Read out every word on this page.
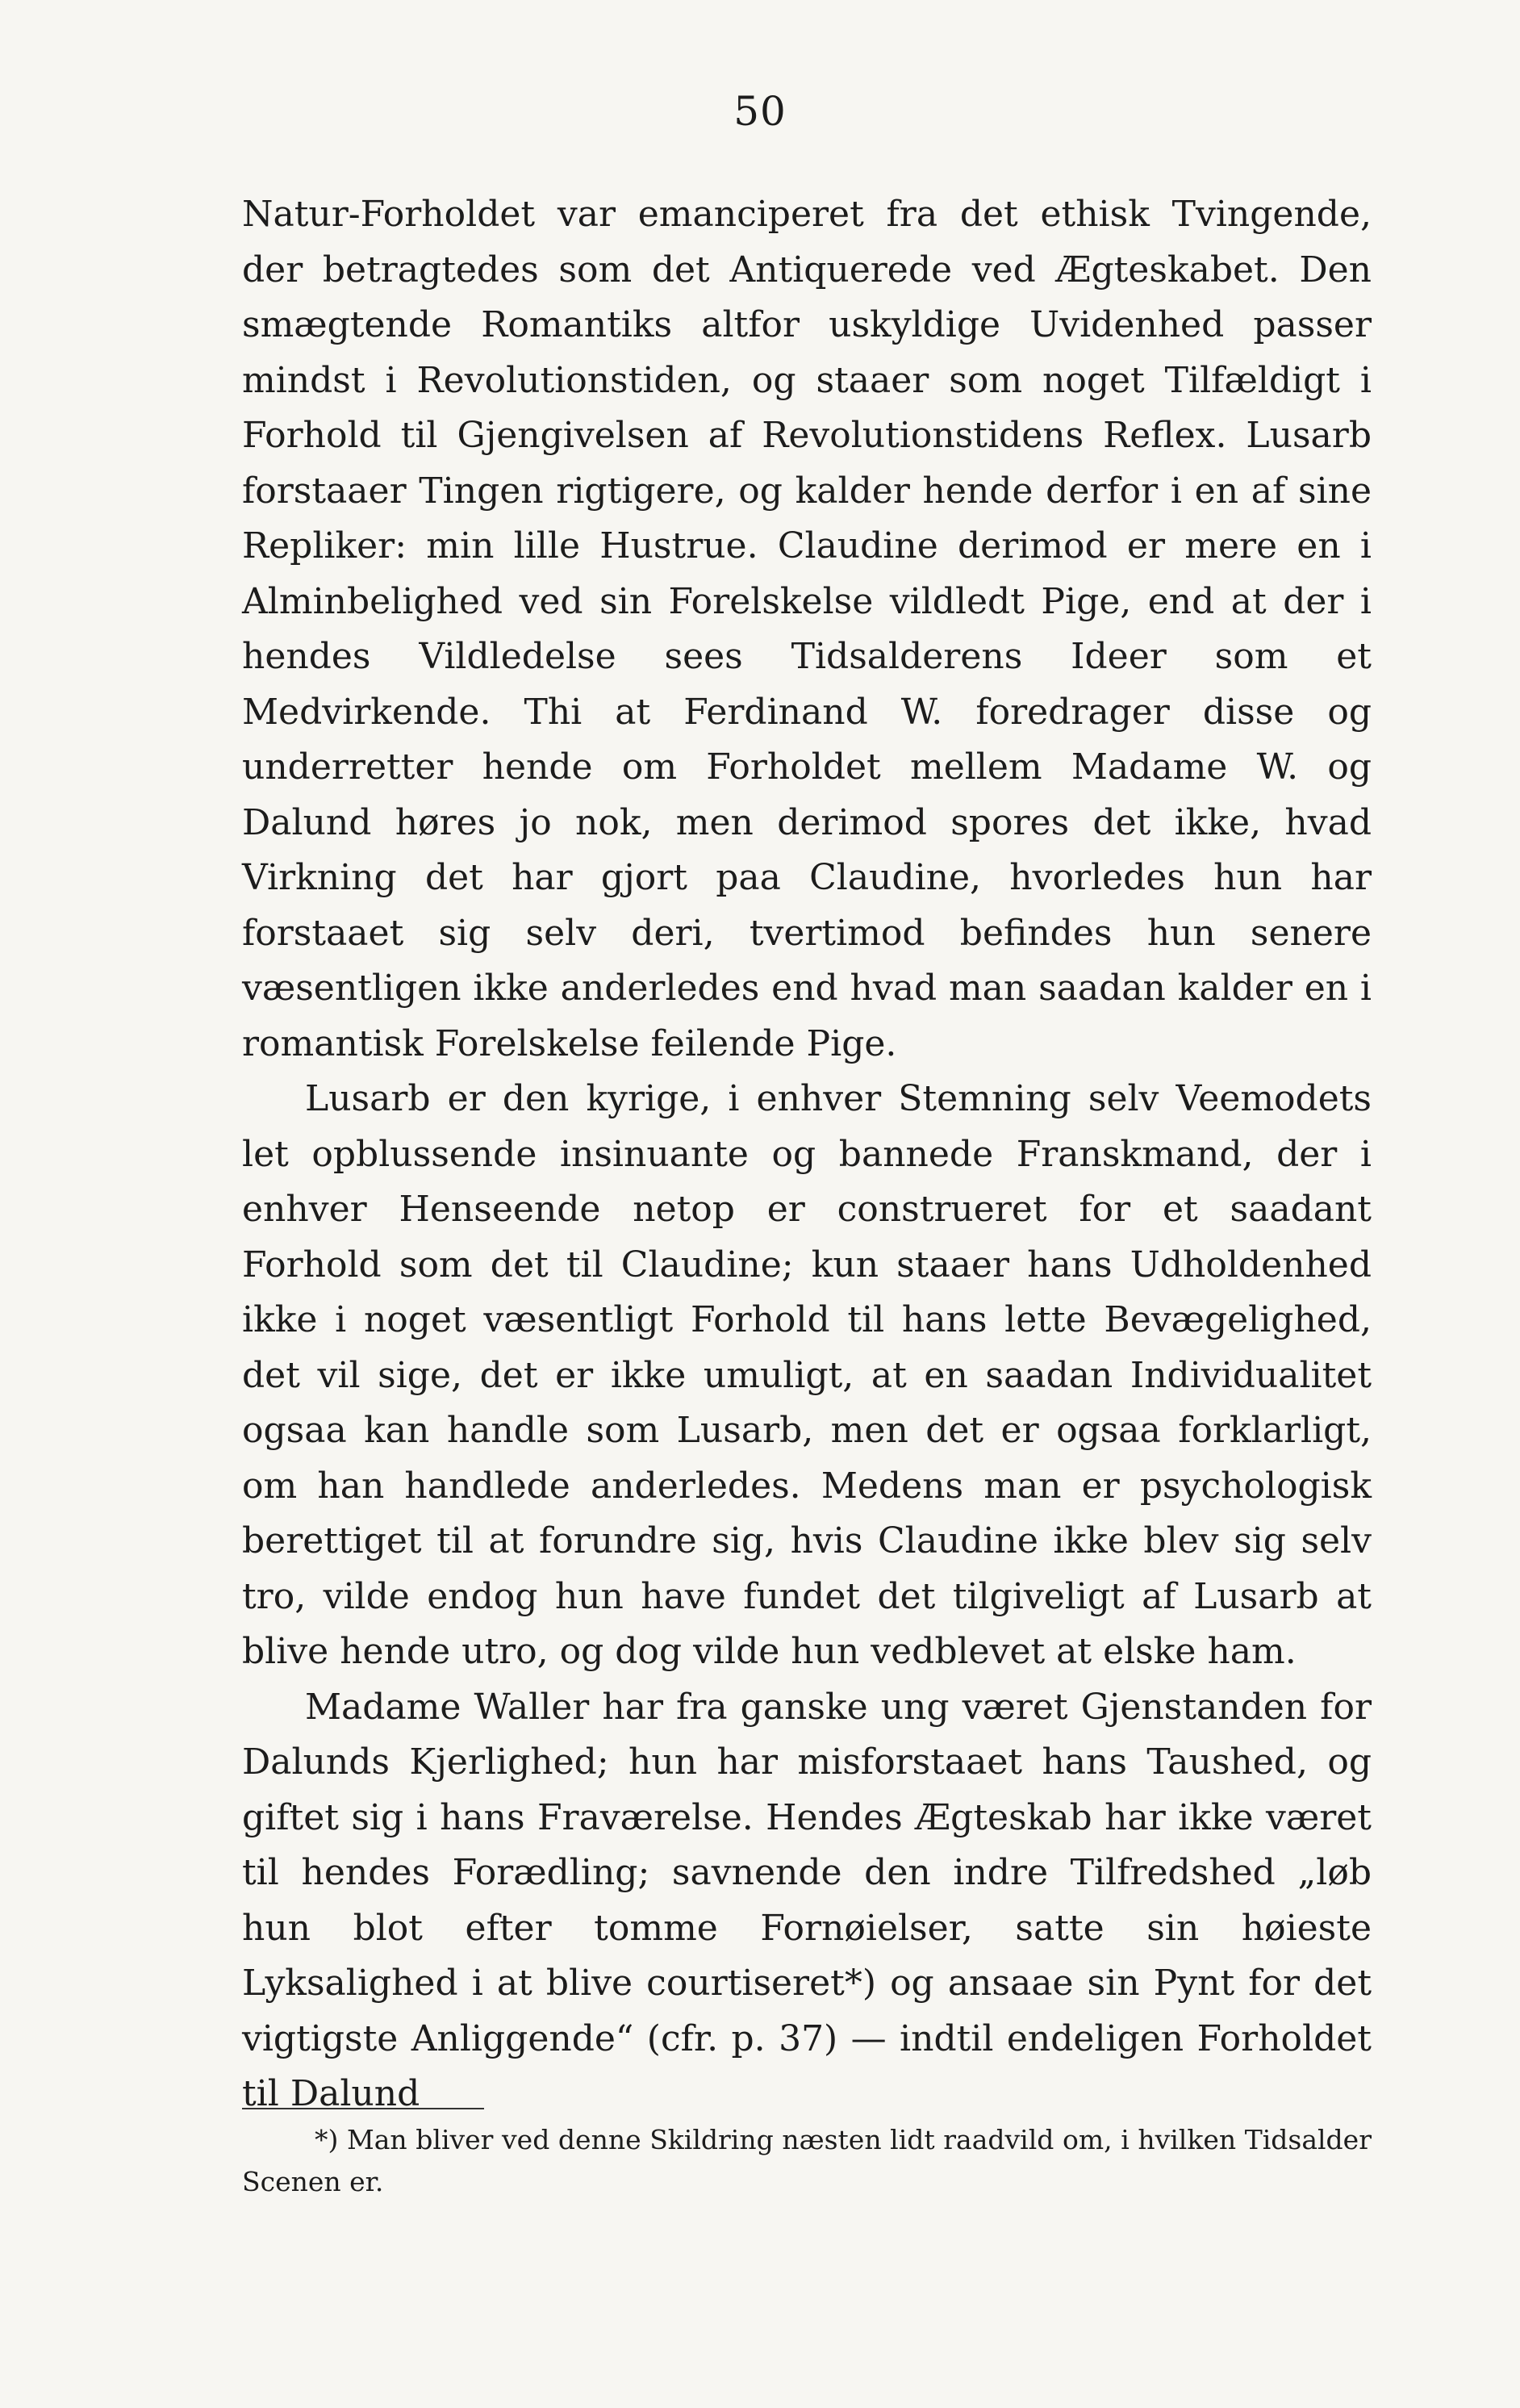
50

Natur-Forholdet var emanciperet fra det ethisk Tvingende, der betragtedes som det Antiquerede ved Ægteskabet. Den smægtende Romantiks altfor uskyldige Uvidenhed passer mindst i Revolutionstiden, og staaer som noget Tilfældigt i Forhold til Gjengivelsen af Revolutionstidens Reflex. Lusarb forstaaer Tingen rigtigere, og kalder hende derfor i en af sine Repliker: min lille Hustrue. Claudine derimod er mere en i Alminbelighed ved sin Forelskelse vildledt Pige, end at der i hendes Vildledelse sees Tidsalderens Ideer som et Medvirkende. Thi at Ferdinand W. foredrager disse og underretter hende om Forholdet mellem Madame W. og Dalund høres jo nok, men derimod spores det ikke, hvad Virkning det har gjort paa Claudine, hvorledes hun har forstaaet sig selv deri, tvertimod befindes hun senere væsentligen ikke anderledes end hvad man saadan kalder en i romantisk Forelskelse feilende Pige.

Lusarb er den kyrige, i enhver Stemning selv Veemodets let opblussende insinuante og bannede Franskmand, der i enhver Henseende netop er construeret for et saadant Forhold som det til Claudine; kun staaer hans Udholdenhed ikke i noget væsentligt Forhold til hans lette Bevægelighed, det vil sige, det er ikke umuligt, at en saadan Individualitet ogsaa kan handle som Lusarb, men det er ogsaa forklarligt, om han handlede anderledes. Medens man er psychologisk berettiget til at forundre sig, hvis Claudine ikke blev sig selv tro, vilde endog hun have fundet det tilgiveligt af Lusarb at blive hende utro, og dog vilde hun vedblevet at elske ham.

Madame Waller har fra ganske ung været Gjenstanden for Dalunds Kjerlighed; hun har misforstaaet hans Taushed, og giftet sig i hans Fraværelse. Hendes Ægteskab har ikke været til hendes Forædling; savnende den indre Tilfredshed „løb hun blot efter tomme Fornøielser, satte sin høieste Lyksalighed i at blive courtiseret*) og ansaae sin Pynt for det vigtigste Anliggende“ (cfr. p. 37) — indtil endeligen Forholdet til Dalund

*) Man bliver ved denne Skildring næsten lidt raadvild om, i hvilken Tidsalder Scenen er.
